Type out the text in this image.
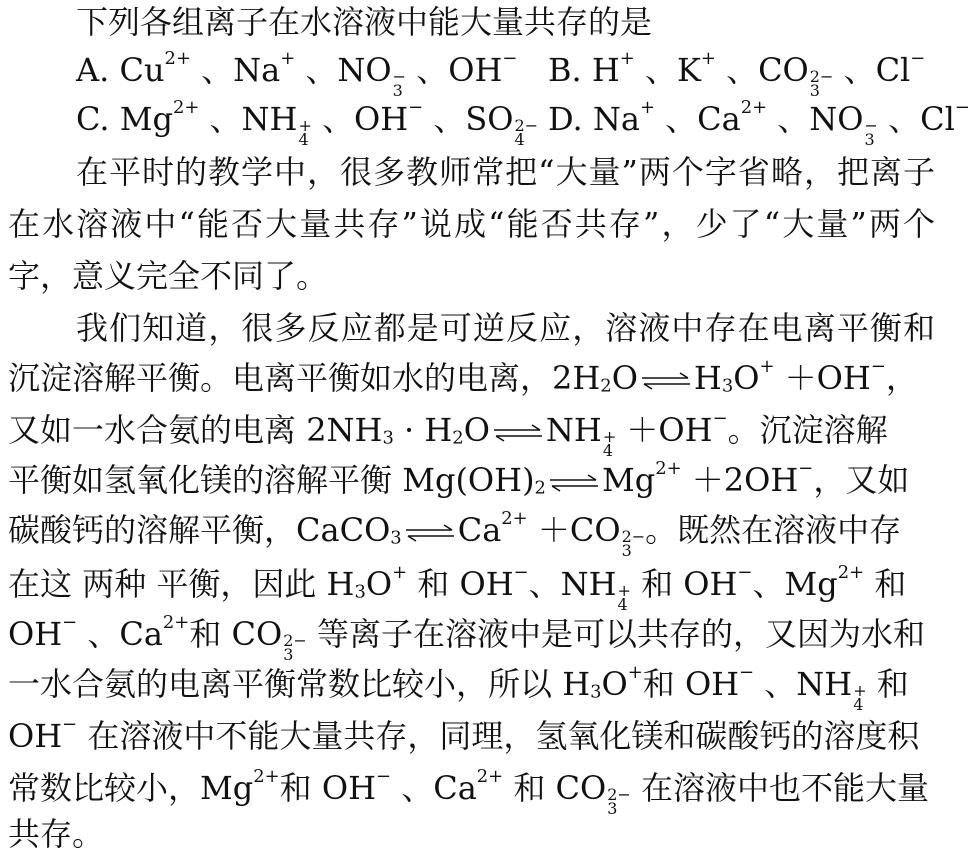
下列各组离子在水溶液中能大量共存的是
A. $Cu^{2+}$ 、Na+ 、NO −
3
、OH− B. H+ 、K+ 、CO 2−
3
、Cl−
C. $Mg^{2+}$ 、NH +
4
、OH− 、SO 2−
4
D. Na+ 、$Ca^{2+}$ 、NO −
3
、Cl−
在平时的教学中，很多教师常把“大量”两个字省略，把离子
在水溶液中“能否大量共存”说成“能否共存”，少了“大量”两个
字，意义完全不同了。
我们知道，很多反应都是可逆反应，溶液中存在电离平衡和
沉淀溶解平衡。电离平衡如水的电离，$2H_2O$ ⇌ $H_3O^+ +OH^-$，
又如一水合氨的电离 $2NH_3 \cdot H_2O$ ⇌ NH +
4
＋OH−。沉淀溶解
平衡如氢氧化镁的溶解平衡 $Mg(OH)_2$ ⇌ $Mg^{2+} +2OH^-$，又如
碳酸钙的溶解平衡，CaCO$_3$ ⇌ $Ca^{2+} +CO$ 2−
3
。既然在溶液中存
在这 两种 平衡，因此 $H_3O^+$ 和 OH−、NH +
4
和 OH−、$Mg^{2+}$ 和
OH− 、$Ca^{2+}$和 CO 2−
3
等离子在溶液中是可以共存的，又因为水和
一水合氨的电离平衡常数比较小，所以 $H_3O^+$和 OH− 、NH +
4
和
OH− 在溶液中不能大量共存，同理，氢氧化镁和碳酸钙的溶度积
常数比较小，$Mg^{2+}$和 OH− 、$Ca^{2+}$ 和 CO 2−
3
在溶液中也不能大量
共存。
